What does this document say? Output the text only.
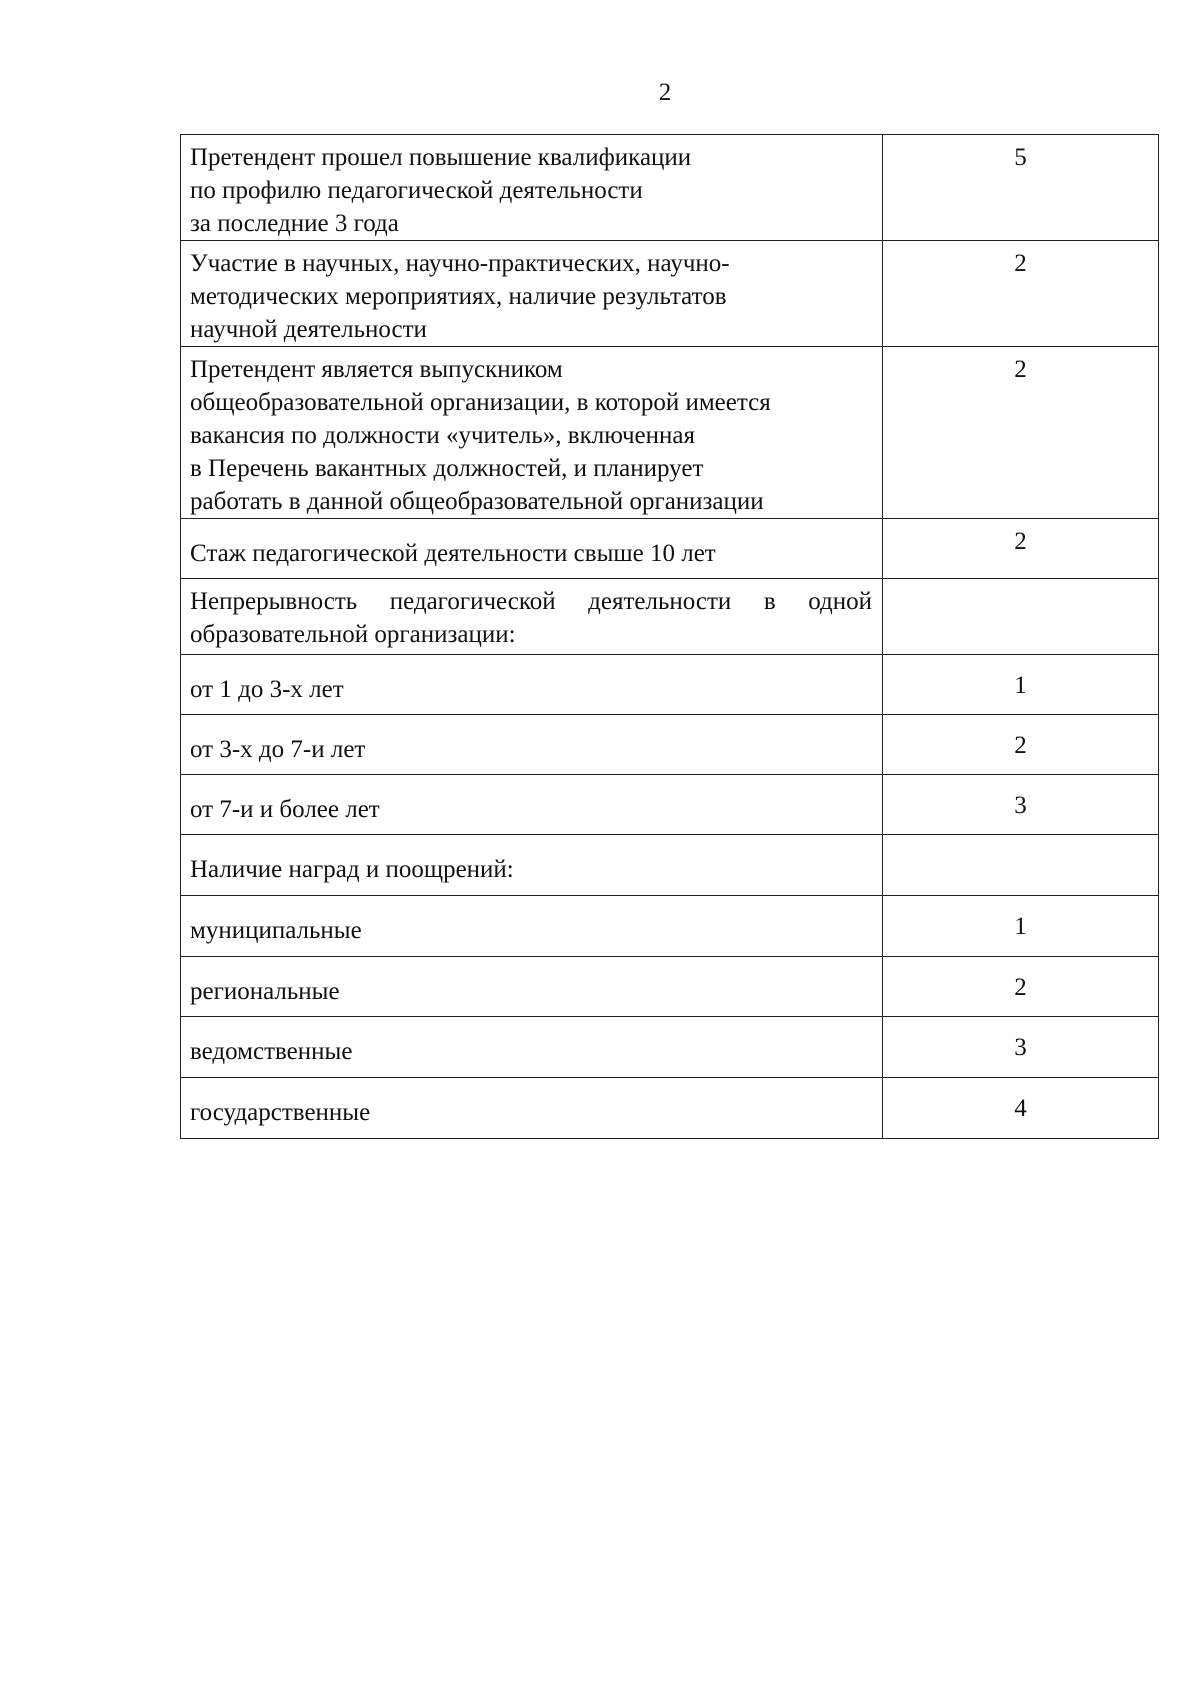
2
Претендент прошел повышение квалификации
по профилю педагогической деятельности
за последние 3 года	5

Участие в научных, научно-практических, научно-
методических мероприятиях, наличие результатов
научной деятельности	2

Претендент является выпускником
общеобразовательной организации, в которой имеется
вакансия по должности «учитель», включенная
в Перечень вакантных должностей, и планирует
работать в данной общеобразовательной организации	2

Стаж педагогической деятельности свыше 10 лет	2
Непрерывность педагогической деятельности в одной образовательной организации:	

от 1 до 3-х лет	1

от 3-х до 7-и лет	2

от 7-и и более лет	3

Наличие наград и поощрений:	

муниципальные	1

региональные	2

ведомственные	3

государственные	4
